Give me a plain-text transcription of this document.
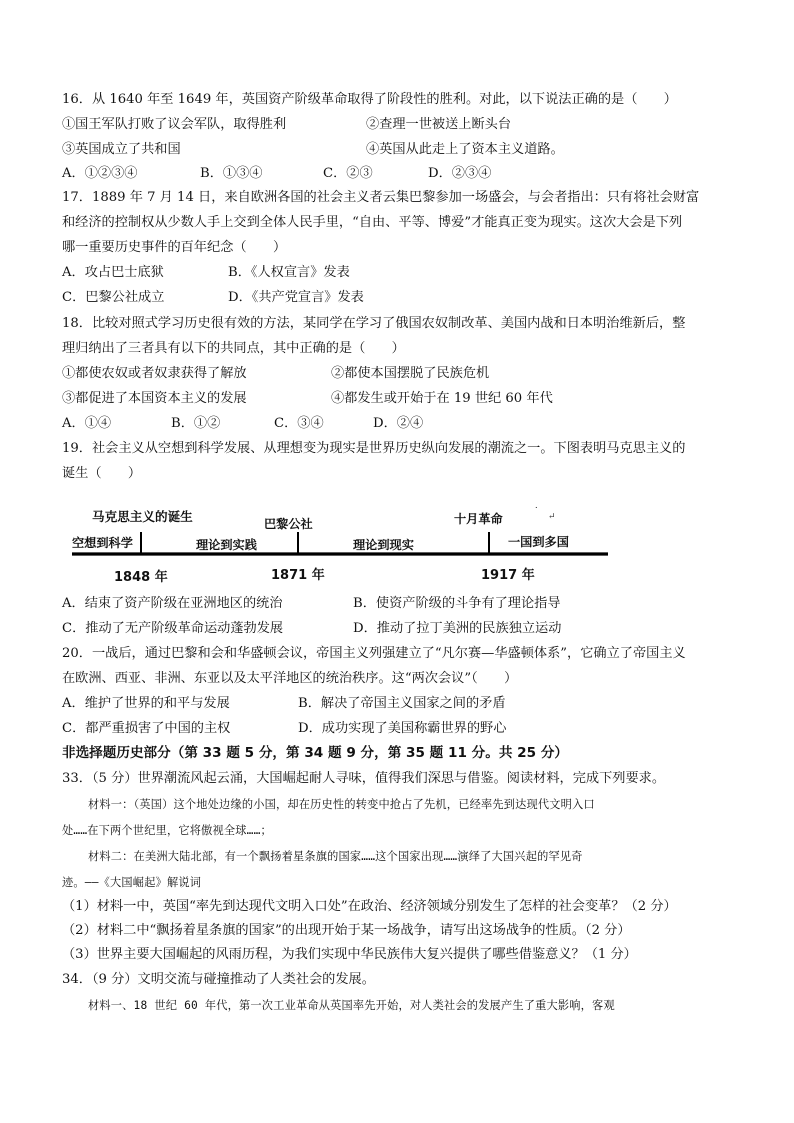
16．从 1640 年至 1649 年，英国资产阶级革命取得了阶段性的胜利。对此，以下说法正确的是（　　）
①国王军队打败了议会军队，取得胜利	②查理一世被送上断头台
③英国成立了共和国	④英国从此走上了资本主义道路。
A．①②③④	B．①③④	C．②③	D．②③④
17．1889 年 7 月 14 日，来自欧洲各国的社会主义者云集巴黎参加一场盛会，与会者指出：只有将社会财富
和经济的控制权从少数人手上交到全体人民手里，“自由、平等、博爱”才能真正变为现实。这次大会是下列
哪一重要历史事件的百年纪念（　　）
A．攻占巴士底狱	B．《人权宣言》发表
C．巴黎公社成立	D．《共产党宣言》发表
18．比较对照式学习历史很有效的方法，某同学在学习了俄国农奴制改革、美国内战和日本明治维新后，整
理归纳出了三者具有以下的共同点，其中正确的是（　　）
①都使农奴或者奴隶获得了解放	②都使本国摆脱了民族危机
③都促进了本国资本主义的发展	④都发生或开始于在 19 世纪 60 年代
A．①④	B．①②	C．③④	D．②④
19．社会主义从空想到科学发展、从理想变为现实是世界历史纵向发展的潮流之一。下图表明马克思主义的
诞生（　　）
.
↵
马克思主义的诞生	巴黎公社	十月革命
空想到科学	理论到实践	理论到现实	一国到多国
1848 年	1871 年	1917 年
A．结束了资产阶级在亚洲地区的统治	B．使资产阶级的斗争有了理论指导
C．推动了无产阶级革命运动蓬勃发展	D．推动了拉丁美洲的民族独立运动
20．一战后，通过巴黎和会和华盛顿会议，帝国主义列强建立了“凡尔赛—华盛顿体系”，它确立了帝国主义
在欧洲、西亚、非洲、东亚以及太平洋地区的统治秩序。这“两次会议”（　　）
A．维护了世界的和平与发展	B．解决了帝国主义国家之间的矛盾
C．都严重损害了中国的主权	D．成功实现了美国称霸世界的野心
非选择题历史部分（第 33 题 5 分，第 34 题 9 分，第 35 题 11 分。共 25 分）
33．（5 分）世界潮流风起云涌，大国崛起耐人寻味，值得我们深思与借鉴。阅读材料，完成下列要求。
材料一：（英国）这个地处边缘的小国，却在历史性的转变中抢占了先机，已经率先到达现代文明入口
处……在下两个世纪里，它将傲视全球……；
材料二：在美洲大陆北部，有一个飘扬着星条旗的国家……这个国家出现……演绎了大国兴起的罕见奇
迹。——《大国崛起》解说词
（1）材料一中，英国“率先到达现代文明入口处”在政治、经济领域分别发生了怎样的社会变革？（2 分）
（2）材料二中“飘扬着星条旗的国家”的出现开始于某一场战争，请写出这场战争的性质。（2 分）
（3）世界主要大国崛起的风雨历程，为我们实现中华民族伟大复兴提供了哪些借鉴意义？（1 分）
34．（9 分）文明交流与碰撞推动了人类社会的发展。
材料一、18 世纪 60 年代，第一次工业革命从英国率先开始，对人类社会的发展产生了重大影响，客观
